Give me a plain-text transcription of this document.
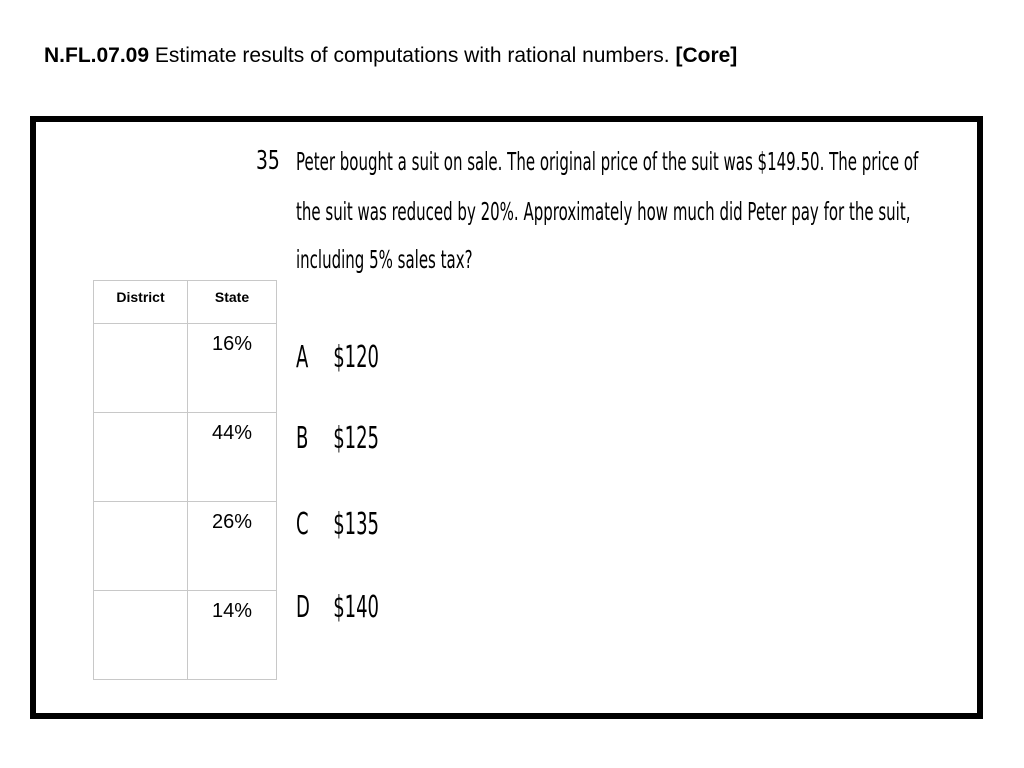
N.FL.07.09 Estimate results of computations with rational numbers. [Core]
35 Peter bought a suit on sale. The original price of the suit was $149.50. The price of
the suit was reduced by 20%. Approximately how much did Peter pay for the suit,
including 5% sales tax?
A $120
B $125
C $135
D $140
District	State
	16%
	44%
	26%
	14%
